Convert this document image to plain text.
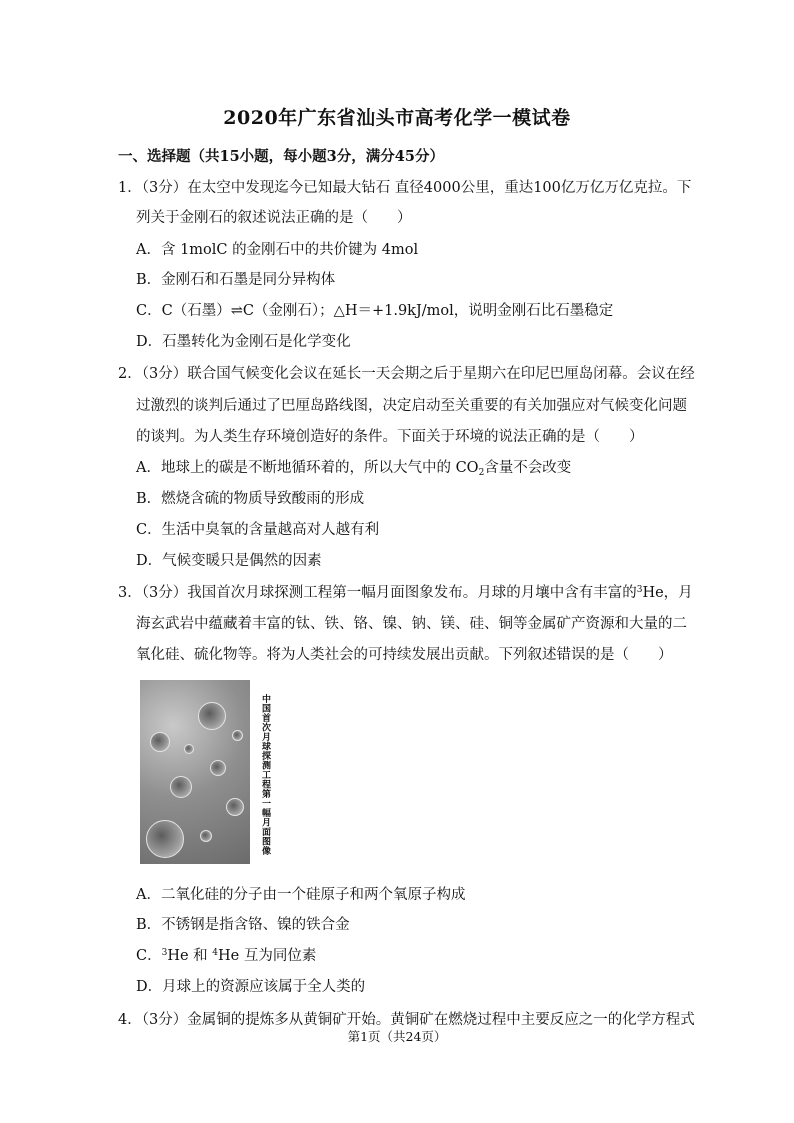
2020年广东省汕头市高考化学一模试卷
一、选择题（共15小题，每小题3分，满分45分）
1．（3分）在太空中发现迄今已知最大钻石 直径4000公里，重达100亿万亿万亿克拉。下
列关于金刚石的叙述说法正确的是（　　）
A．含 1molC 的金刚石中的共价键为 4mol
B．金刚石和石墨是同分异构体
C．C（石墨）⇌C（金刚石）；△H＝+1.9kJ/mol，说明金刚石比石墨稳定
D．石墨转化为金刚石是化学变化
2．（3分）联合国气候变化会议在延长一天会期之后于星期六在印尼巴厘岛闭幕。会议在经
过激烈的谈判后通过了巴厘岛路线图，决定启动至关重要的有关加强应对气候变化问题
的谈判。为人类生存环境创造好的条件。下面关于环境的说法正确的是（　　）
A．地球上的碳是不断地循环着的，所以大气中的 $CO_2$含量不会改变
B．燃烧含硫的物质导致酸雨的形成
C．生活中臭氧的含量越高对人越有利
D．气候变暖只是偶然的因素
3．（3分）我国首次月球探测工程第一幅月面图象发布。月球的月壤中含有丰富的$^3$He，月
海玄武岩中蕴藏着丰富的钛、铁、铬、镍、钠、镁、硅、铜等金属矿产资源和大量的二
氧化硅、硫化物等。将为人类社会的可持续发展出贡献。下列叙述错误的是（　　）
中国首次月球探测工程第一幅月面图像
A．二氧化硅的分子由一个硅原子和两个氧原子构成
B．不锈钢是指含铬、镍的铁合金
C．$^3$He 和 $^4$He 互为同位素
D．月球上的资源应该属于全人类的
4．（3分）金属铜的提炼多从黄铜矿开始。黄铜矿在燃烧过程中主要反应之一的化学方程式
第1页（共24页）
